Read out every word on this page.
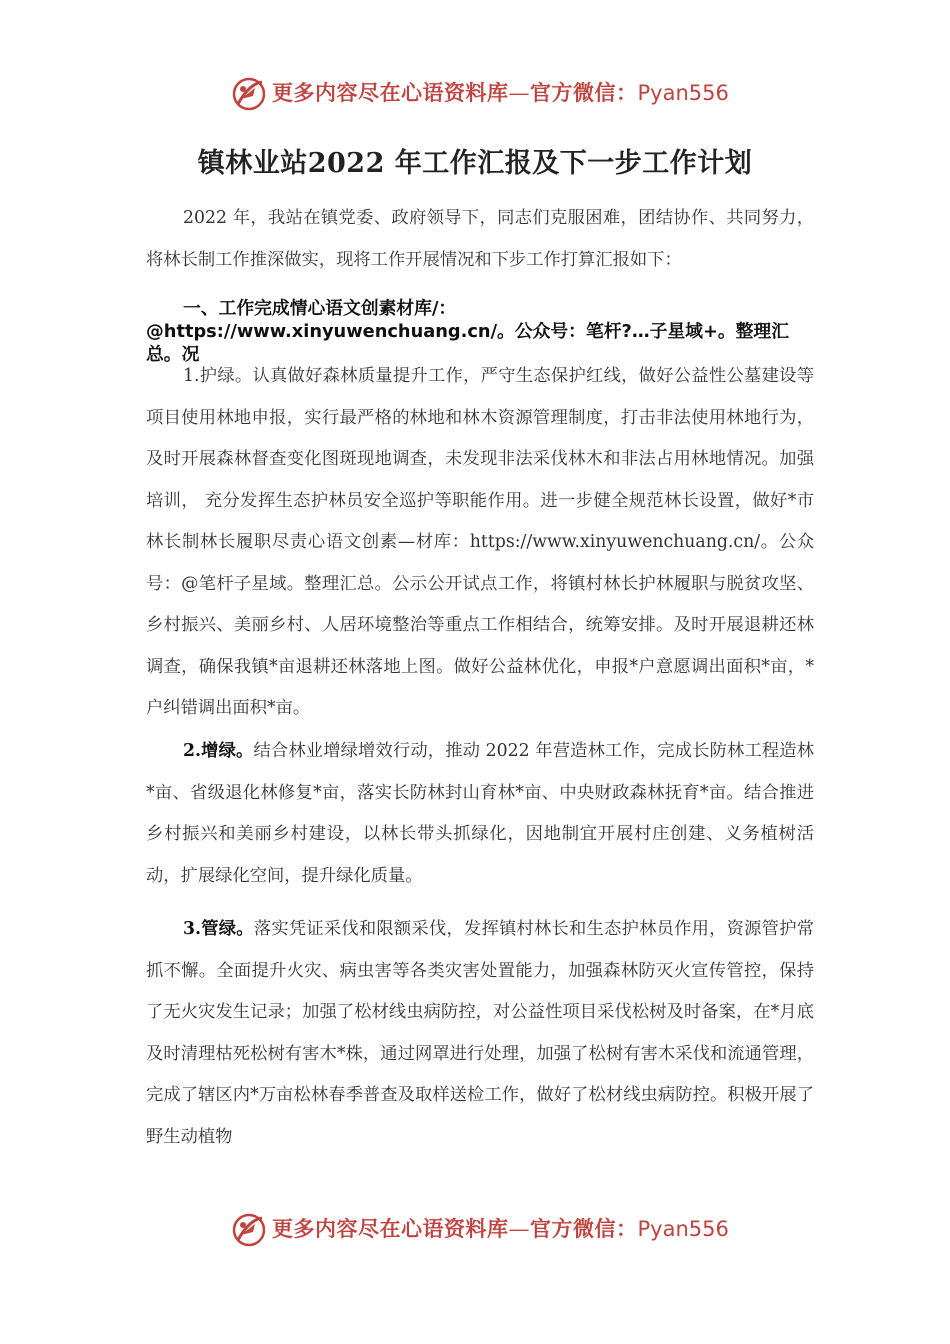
更多内容尽在心语资料库—官方微信：Pyan556
镇林业站2022 年工作汇报及下一步工作计划

2022 年，我站在镇党委、政府领导下，同志们克服困难，团结协作、共同努力，将林长制工作推深做实，现将工作开展情况和下步工作打算汇报如下：

一、工作完成情心语文创素材库/：@https://www.xinyuwenchuang.cn/。公众号：笔杆?…子星域+。整理汇总。况

1.护绿。认真做好森林质量提升工作，严守生态保护红线，做好公益性公墓建设等项目使用林地申报，实行最严格的林地和林木资源管理制度，打击非法使用林地行为，及时开展森林督查变化图斑现地调查，未发现非法采伐林木和非法占用林地情况。加强培训， 充分发挥生态护林员安全巡护等职能作用。进一步健全规范林长设置，做好*市林长制林长履职尽责心语文创素—材库：https://www.xinyuwenchuang.cn/。公众号：@笔杆子星域。整理汇总。公示公开试点工作，将镇村林长护林履职与脱贫攻坚、乡村振兴、美丽乡村、人居环境整治等重点工作相结合，统筹安排。及时开展退耕还林调查，确保我镇*亩退耕还林落地上图。做好公益林优化，申报*户意愿调出面积*亩，*户纠错调出面积*亩。

2.增绿。结合林业增绿增效行动，推动 2022 年营造林工作，完成长防林工程造林*亩、省级退化林修复*亩，落实长防林封山育林*亩、中央财政森林抚育*亩。结合推进乡村振兴和美丽乡村建设，以林长带头抓绿化，因地制宜开展村庄创建、义务植树活动，扩展绿化空间，提升绿化质量。

3.管绿。落实凭证采伐和限额采伐，发挥镇村林长和生态护林员作用，资源管护常抓不懈。全面提升火灾、病虫害等各类灾害处置能力，加强森林防灭火宣传管控，保持了无火灾发生记录；加强了松材线虫病防控，对公益性项目采伐松树及时备案，在*月底及时清理枯死松树有害木*株，通过网罩进行处理，加强了松树有害木采伐和流通管理，完成了辖区内*万亩松林春季普查及取样送检工作，做好了松材线虫病防控。积极开展了野生动植物

更多内容尽在心语资料库—官方微信：Pyan556
